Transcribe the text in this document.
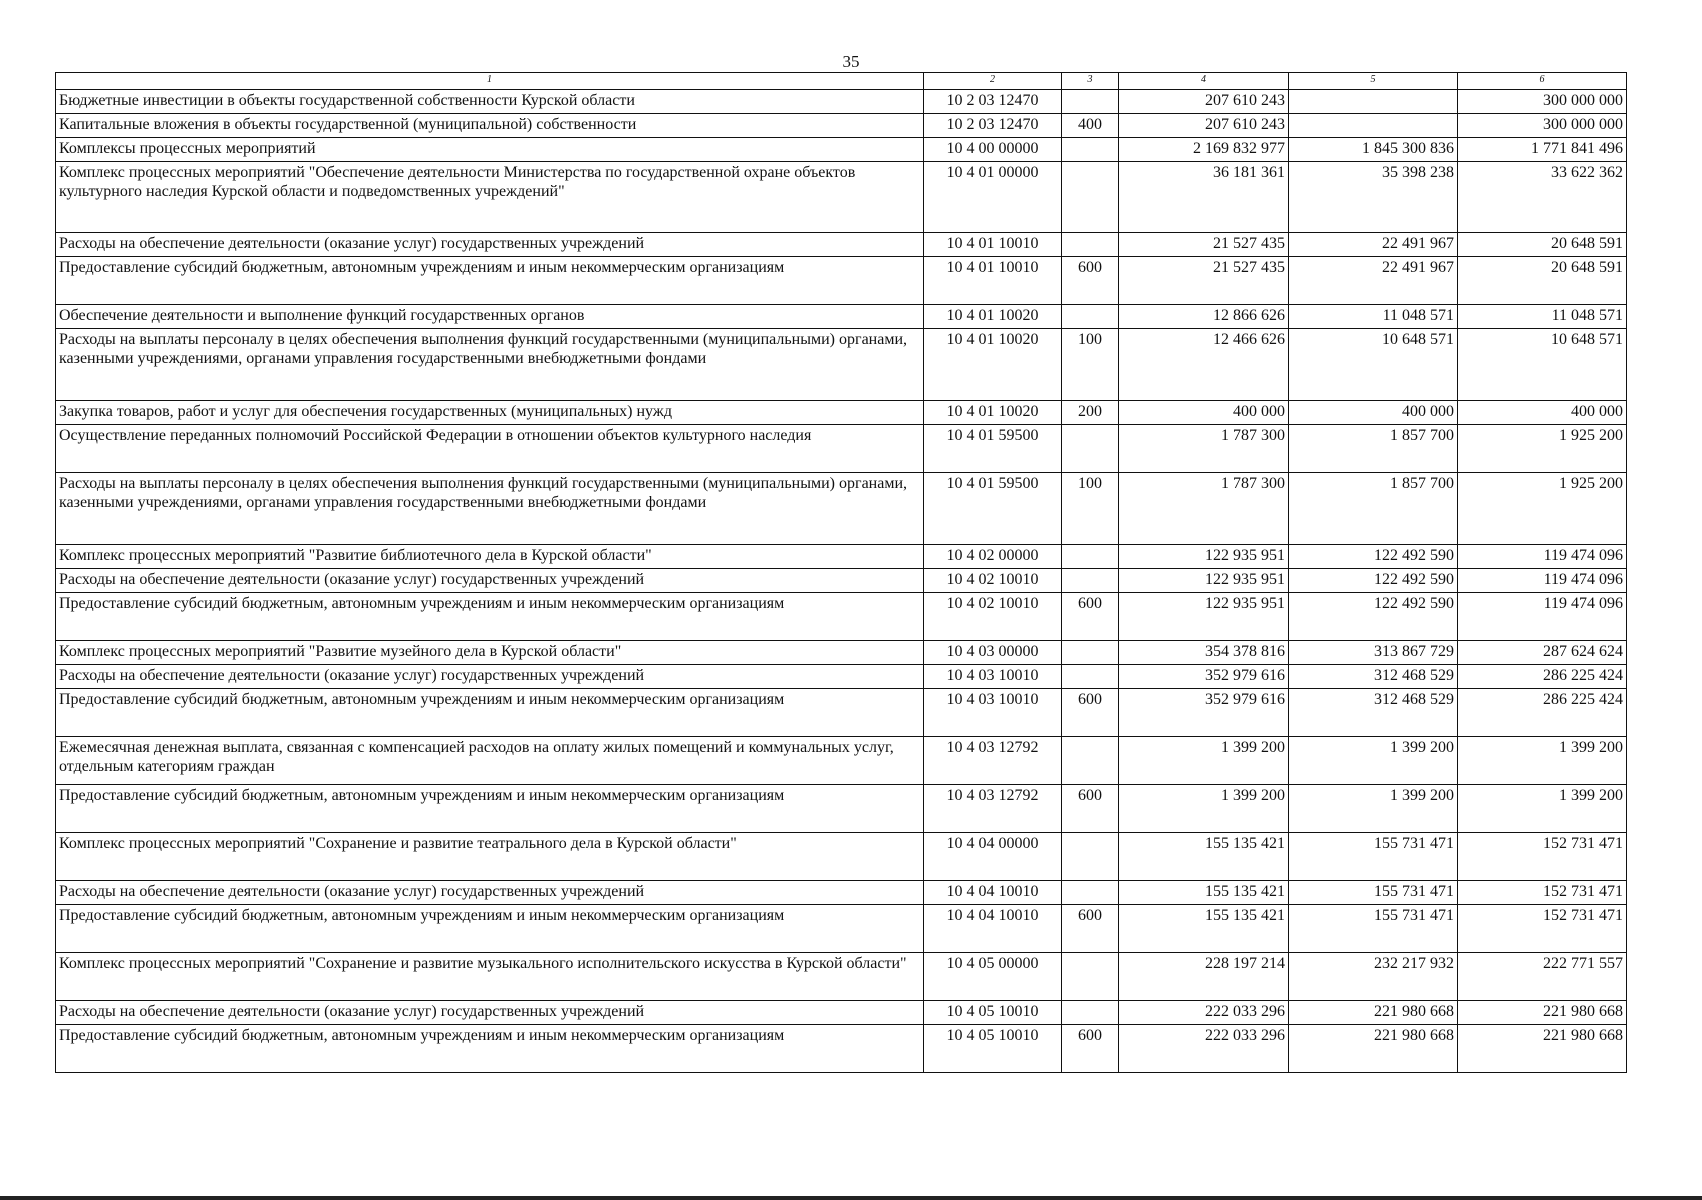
35
1	2	3	4	5	6
Бюджетные инвестиции в объекты государственной собственности Курской области	10 2 03 12470		207 610 243		300 000 000
Капитальные вложения в объекты государственной (муниципальной) собственности	10 2 03 12470	400	207 610 243		300 000 000
Комплексы процессных мероприятий	10 4 00 00000		2 169 832 977	1 845 300 836	1 771 841 496
Комплекс процессных мероприятий "Обеспечение деятельности Министерства по государственной охране объектов культурного наследия Курской области и подведомственных учреждений"	10 4 01 00000		36 181 361	35 398 238	33 622 362
Расходы на обеспечение деятельности (оказание услуг) государственных учреждений	10 4 01 10010		21 527 435	22 491 967	20 648 591
Предоставление субсидий бюджетным, автономным учреждениям и иным некоммерческим организациям	10 4 01 10010	600	21 527 435	22 491 967	20 648 591
Обеспечение деятельности и выполнение функций государственных органов	10 4 01 10020		12 866 626	11 048 571	11 048 571
Расходы на выплаты персоналу в целях обеспечения выполнения функций государственными (муниципальными) органами, казенными учреждениями, органами управления государственными внебюджетными фондами	10 4 01 10020	100	12 466 626	10 648 571	10 648 571
Закупка товаров, работ и услуг для обеспечения государственных (муниципальных) нужд	10 4 01 10020	200	400 000	400 000	400 000
Осуществление переданных полномочий Российской Федерации в отношении объектов культурного наследия	10 4 01 59500		1 787 300	1 857 700	1 925 200
Расходы на выплаты персоналу в целях обеспечения выполнения функций государственными (муниципальными) органами, казенными учреждениями, органами управления государственными внебюджетными фондами	10 4 01 59500	100	1 787 300	1 857 700	1 925 200
Комплекс процессных мероприятий "Развитие библиотечного дела в Курской области"	10 4 02 00000		122 935 951	122 492 590	119 474 096
Расходы на обеспечение деятельности (оказание услуг) государственных учреждений	10 4 02 10010		122 935 951	122 492 590	119 474 096
Предоставление субсидий бюджетным, автономным учреждениям и иным некоммерческим организациям	10 4 02 10010	600	122 935 951	122 492 590	119 474 096
Комплекс процессных мероприятий "Развитие музейного дела в Курской области"	10 4 03 00000		354 378 816	313 867 729	287 624 624
Расходы на обеспечение деятельности (оказание услуг) государственных учреждений	10 4 03 10010		352 979 616	312 468 529	286 225 424
Предоставление субсидий бюджетным, автономным учреждениям и иным некоммерческим организациям	10 4 03 10010	600	352 979 616	312 468 529	286 225 424
Ежемесячная денежная выплата, связанная с компенсацией расходов на оплату жилых помещений и коммунальных услуг, отдельным категориям граждан	10 4 03 12792		1 399 200	1 399 200	1 399 200
Предоставление субсидий бюджетным, автономным учреждениям и иным некоммерческим организациям	10 4 03 12792	600	1 399 200	1 399 200	1 399 200
Комплекс процессных мероприятий "Сохранение и развитие театрального дела в Курской области"	10 4 04 00000		155 135 421	155 731 471	152 731 471
Расходы на обеспечение деятельности (оказание услуг) государственных учреждений	10 4 04 10010		155 135 421	155 731 471	152 731 471
Предоставление субсидий бюджетным, автономным учреждениям и иным некоммерческим организациям	10 4 04 10010	600	155 135 421	155 731 471	152 731 471
Комплекс процессных мероприятий "Сохранение и развитие музыкального исполнительского искусства в Курской области"	10 4 05 00000		228 197 214	232 217 932	222 771 557
Расходы на обеспечение деятельности (оказание услуг) государственных учреждений	10 4 05 10010		222 033 296	221 980 668	221 980 668
Предоставление субсидий бюджетным, автономным учреждениям и иным некоммерческим организациям	10 4 05 10010	600	222 033 296	221 980 668	221 980 668
